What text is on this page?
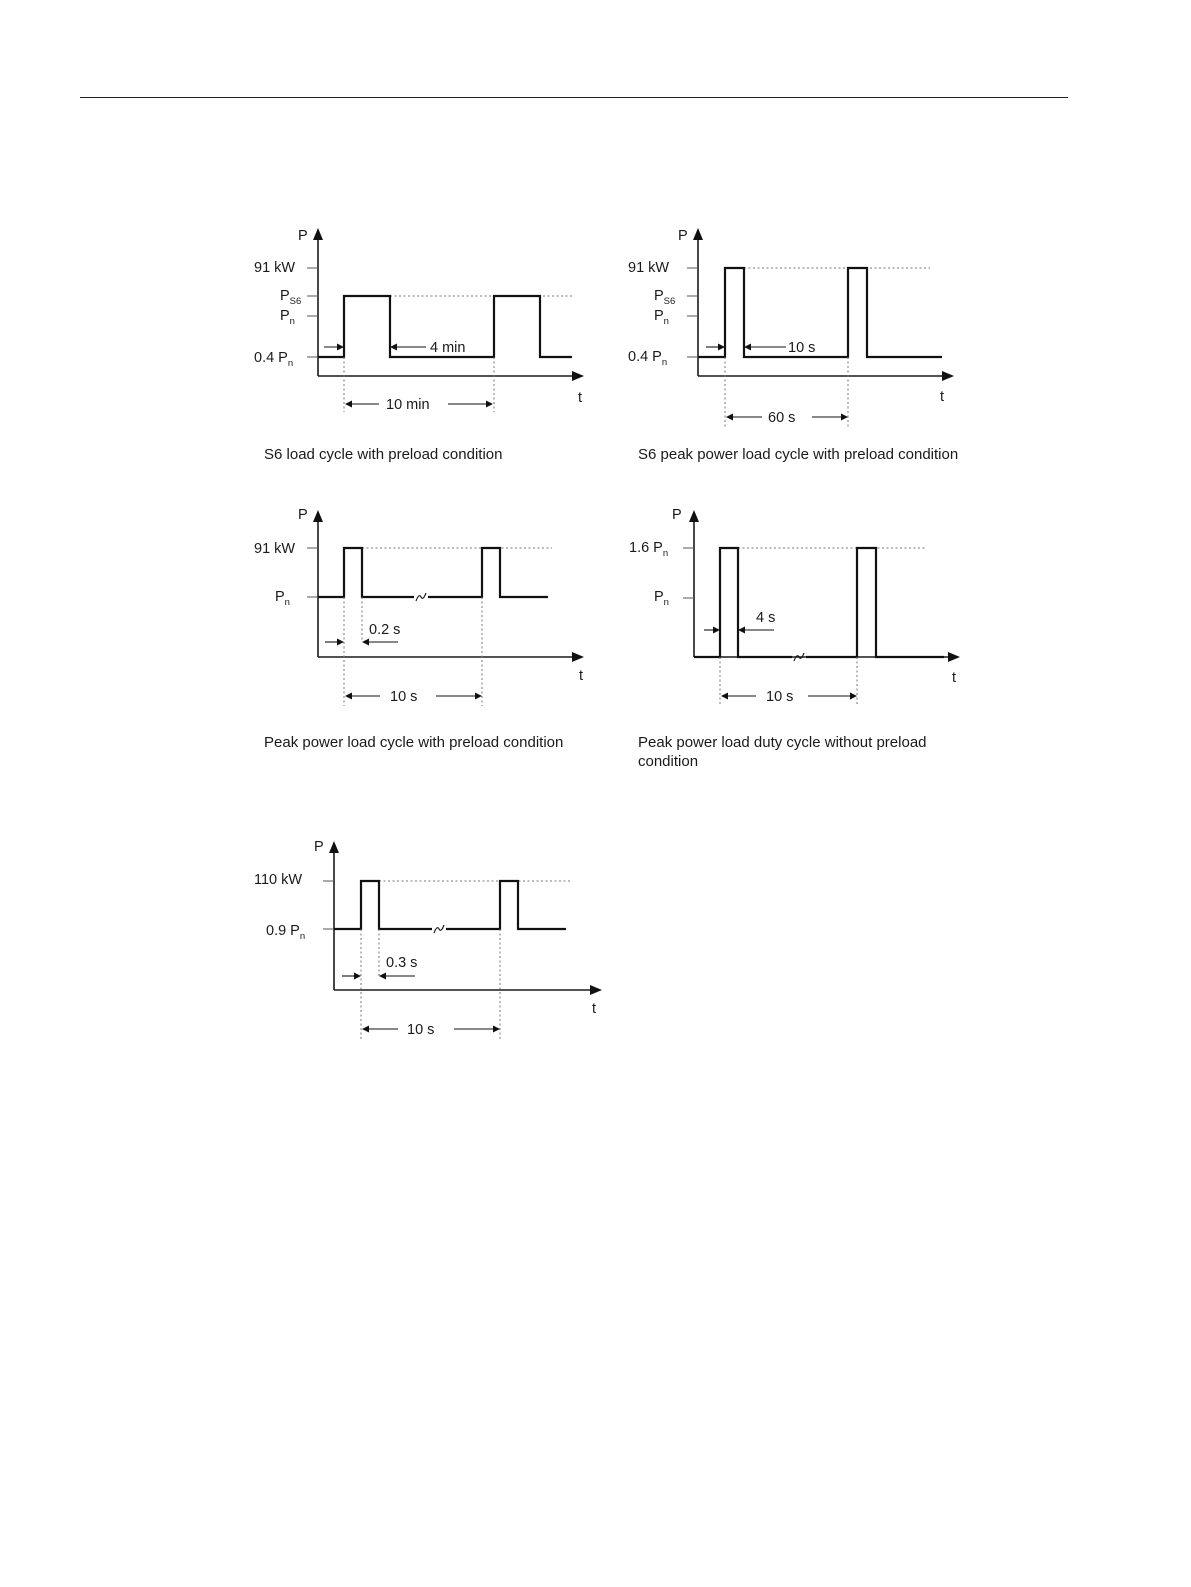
P
t
91 kW
$P_{S6}$
$P_n$
0.4 $P_n$
4 min
10 min
S6 load cycle with preload condition
P
t
91 kW
$P_{S6}$
$P_n$
0.4 $P_n$
10 s
60 s
S6 peak power load cycle with preload condition
P
t
91 kW
$P_n$
0.2 s
10 s
Peak power load cycle with preload condition
P
t
1.6 $P_n$
$P_n$
4 s
10 s
Peak power load duty cycle without preload
condition
P
t
110 kW
0.9 $P_n$
0.3 s
10 s
